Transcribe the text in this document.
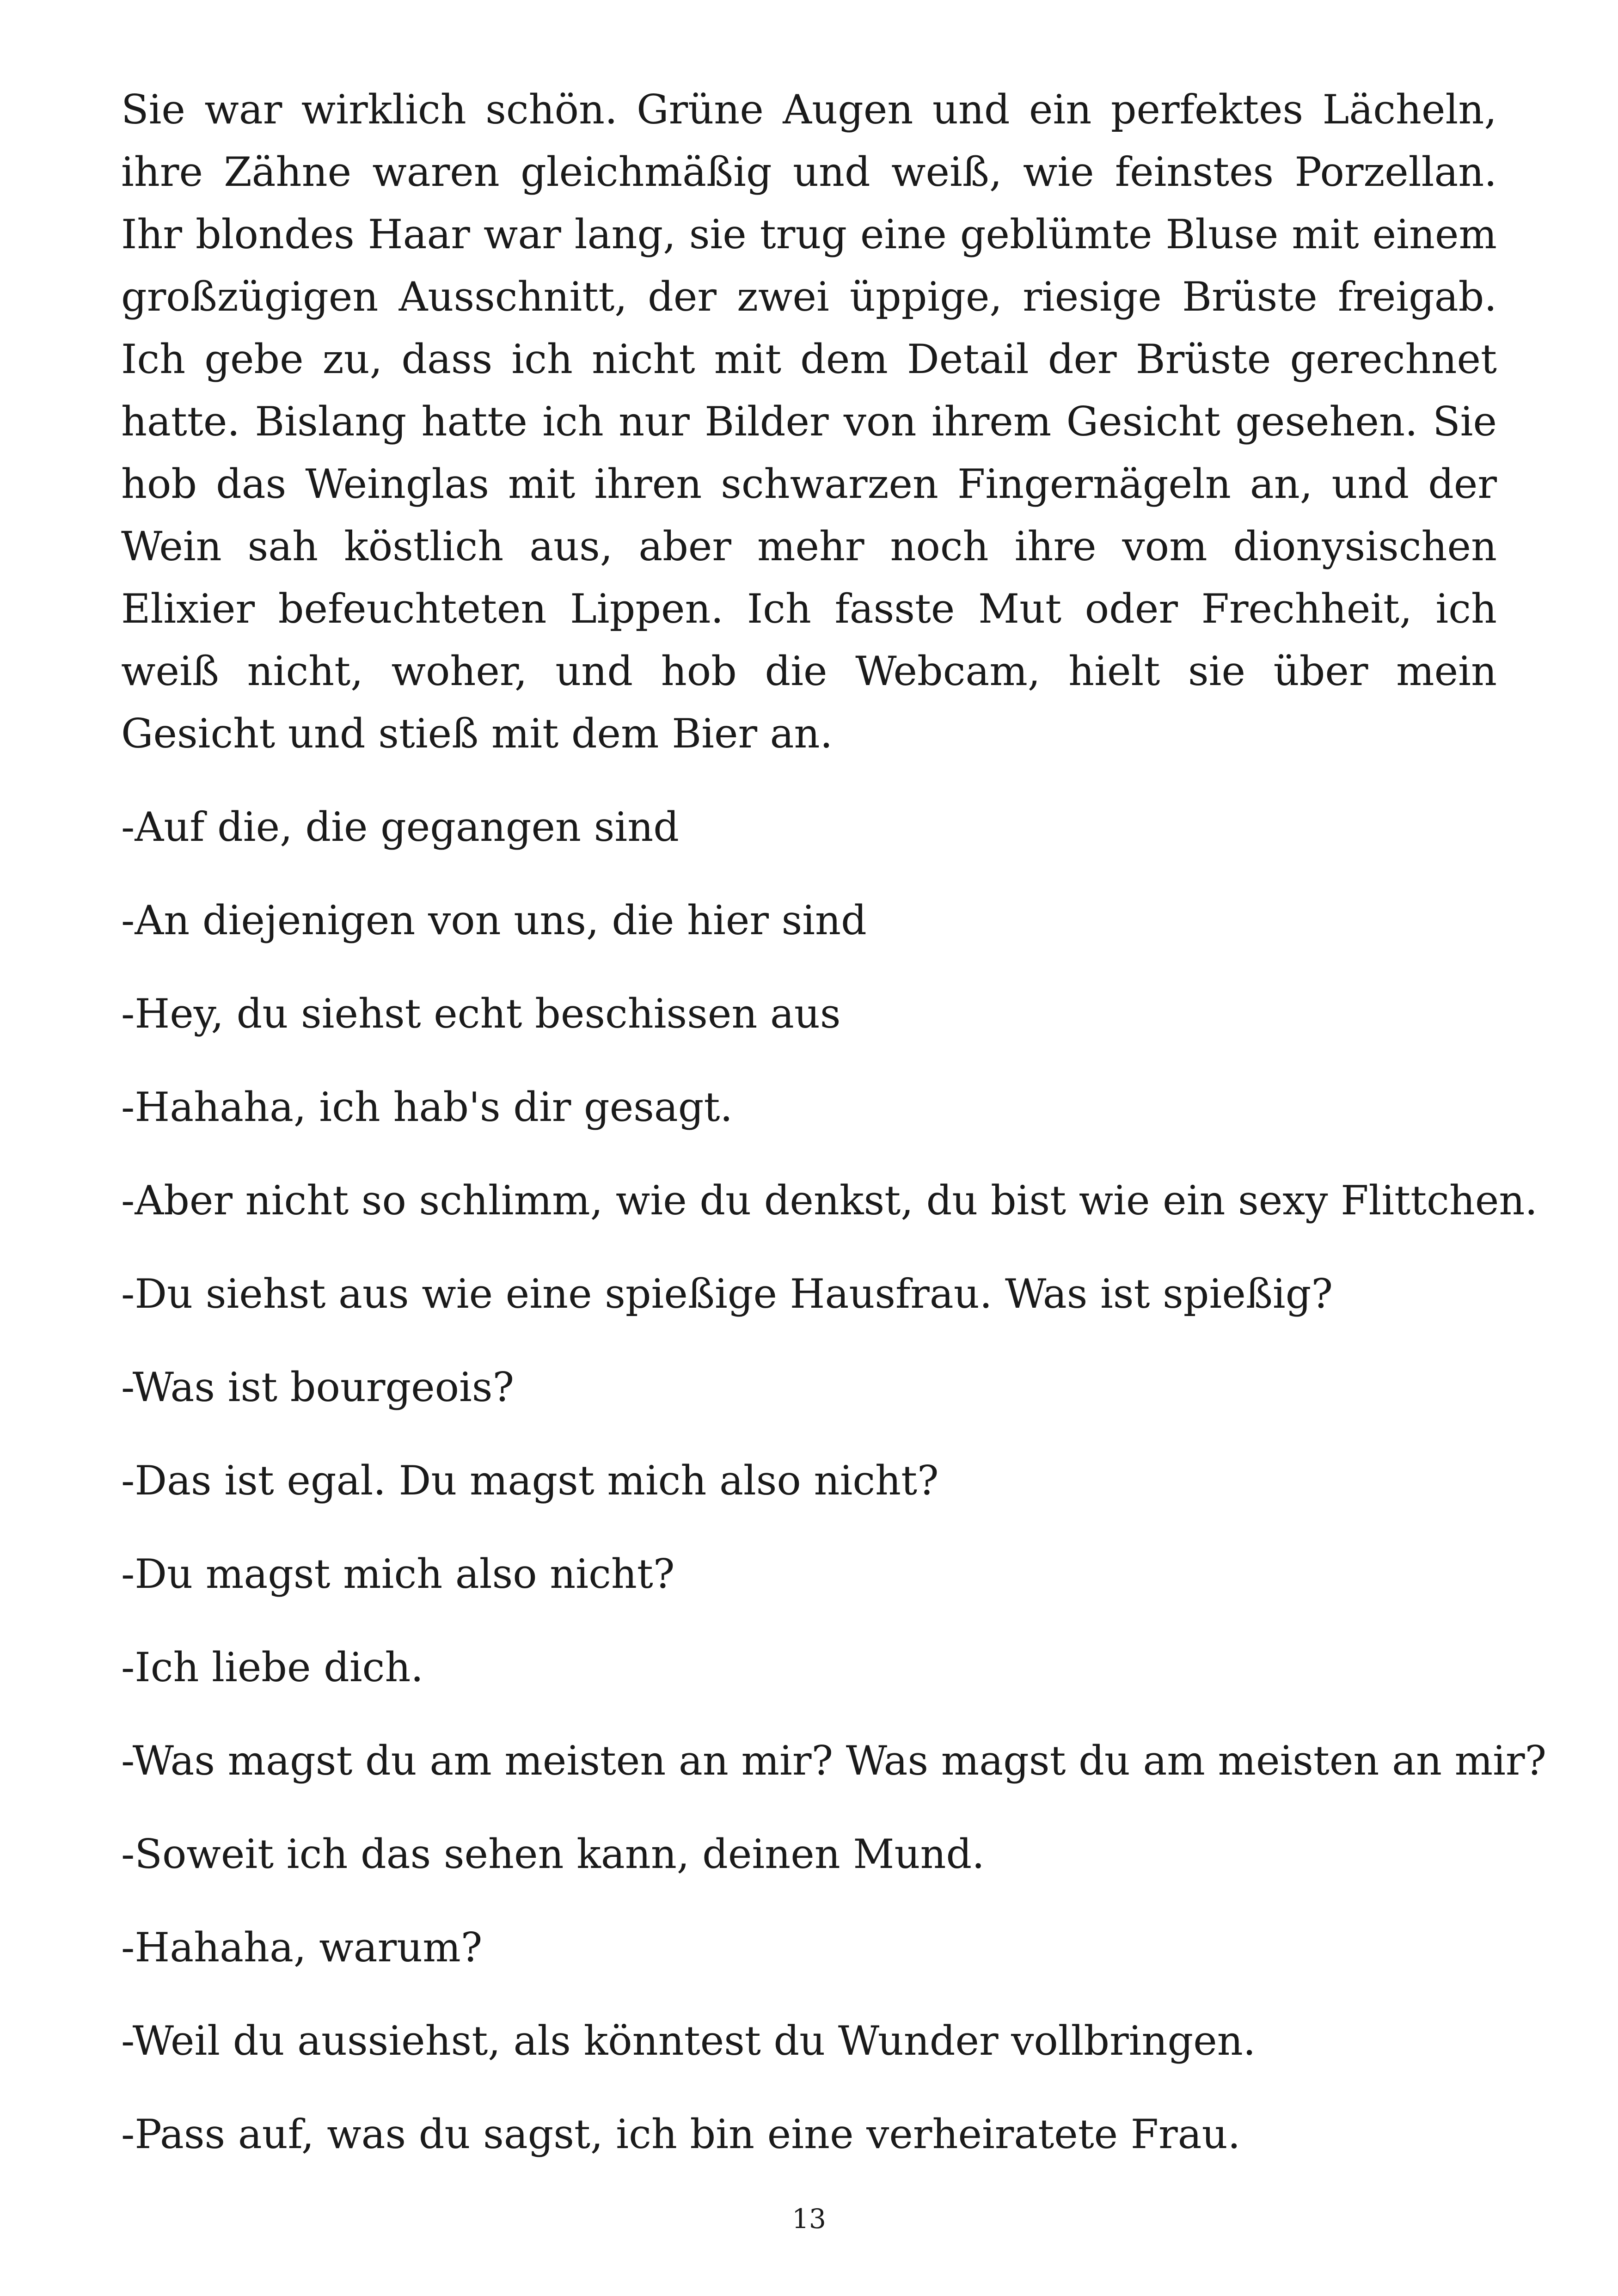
Sie war wirklich schön. Grüne Augen und ein perfektes Lächeln, ihre Zähne waren gleichmäßig und weiß, wie feinstes Porzellan. Ihr blondes Haar war lang, sie trug eine geblümte Bluse mit einem großzügigen Ausschnitt, der zwei üppige, riesige Brüste freigab. Ich gebe zu, dass ich nicht mit dem Detail der Brüste gerechnet hatte. Bislang hatte ich nur Bilder von ihrem Gesicht gesehen. Sie hob das Weinglas mit ihren schwarzen Fingernägeln an, und der Wein sah köstlich aus, aber mehr noch ihre vom dionysischen Elixier befeuchteten Lippen. Ich fasste Mut oder Frechheit, ich weiß nicht, woher, und hob die Webcam, hielt sie über mein Gesicht und stieß mit dem Bier an.

-Auf die, die gegangen sind
-An diejenigen von uns, die hier sind
-Hey, du siehst echt beschissen aus
-Hahaha, ich hab's dir gesagt.
-Aber nicht so schlimm, wie du denkst, du bist wie ein sexy Flittchen.
-Du siehst aus wie eine spießige Hausfrau. Was ist spießig?
-Was ist bourgeois?
-Das ist egal. Du magst mich also nicht?
-Du magst mich also nicht?
-Ich liebe dich.
-Was magst du am meisten an mir? Was magst du am meisten an mir?
-Soweit ich das sehen kann, deinen Mund.
-Hahaha, warum?
-Weil du aussiehst, als könntest du Wunder vollbringen.
-Pass auf, was du sagst, ich bin eine verheiratete Frau.
13
